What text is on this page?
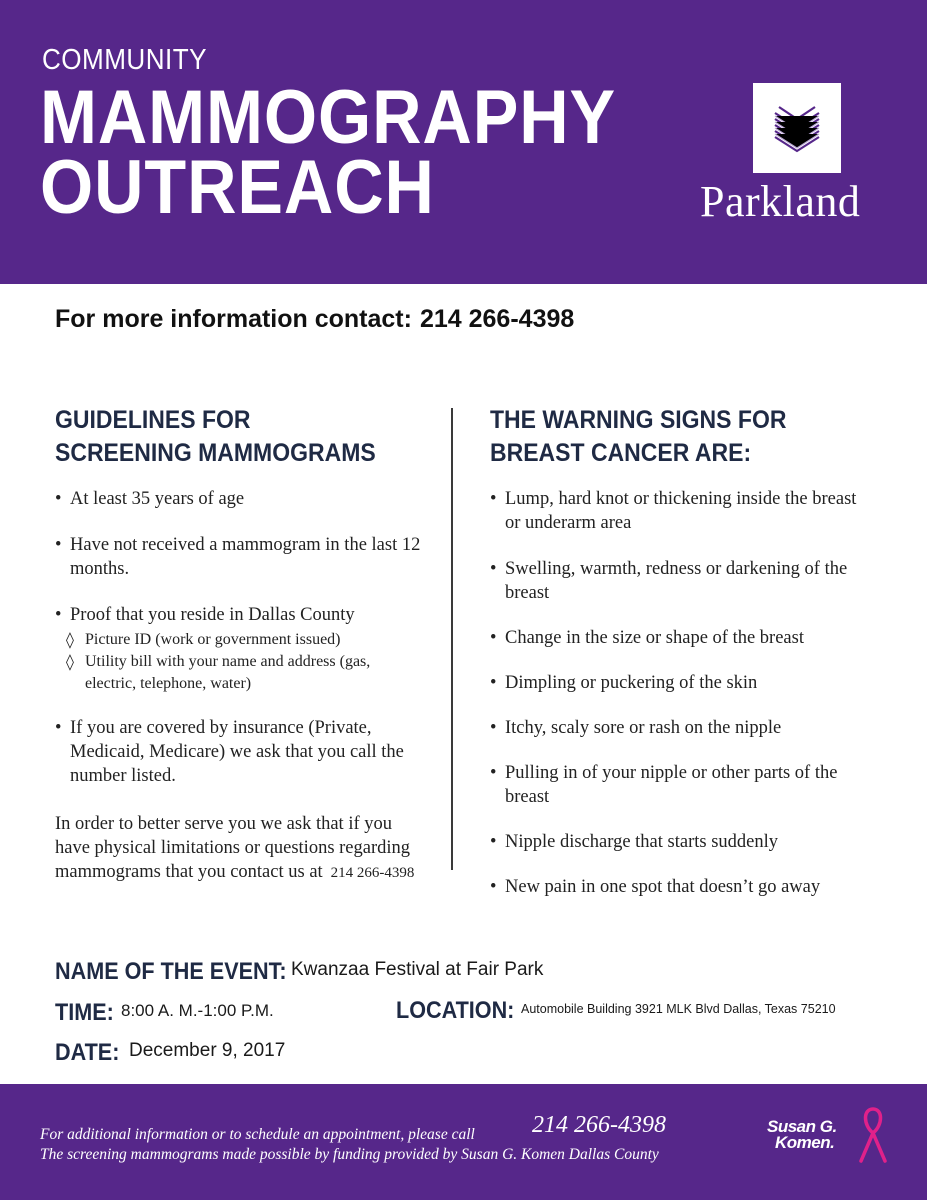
COMMUNITY
MAMMOGRAPHY
OUTREACH	Parkland
For more information contact: 214 266-4398
GUIDELINES FOR
SCREENING MAMMOGRAMS
• At least 35 years of age
• Have not received a mammogram in the last 12 months.
• Proof that you reside in Dallas County
◊ Picture ID (work or government issued)
◊ Utility bill with your name and address (gas, electric, telephone, water)
• If you are covered by insurance (Private, Medicaid, Medicare) we ask that you call the number listed.
In order to better serve you we ask that if you have physical limitations or questions regarding mammograms that you contact us at 214 266-4398
THE WARNING SIGNS FOR
BREAST CANCER ARE:
• Lump, hard knot or thickening inside the breast or underarm area
• Swelling, warmth, redness or darkening of the breast
• Change in the size or shape of the breast
• Dimpling or puckering of the skin
• Itchy, scaly sore or rash on the nipple
• Pulling in of your nipple or other parts of the breast
• Nipple discharge that starts suddenly
• New pain in one spot that doesn’t go away
NAME OF THE EVENT: Kwanzaa Festival at Fair Park
TIME: 8:00 A. M.-1:00 P.M.	LOCATION: Automobile Building 3921 MLK Blvd Dallas, Texas 75210
DATE: December 9, 2017
For additional information or to schedule an appointment, please call 214 266-4398
The screening mammograms made possible by funding provided by Susan G. Komen Dallas County
Susan G.
Komen.
